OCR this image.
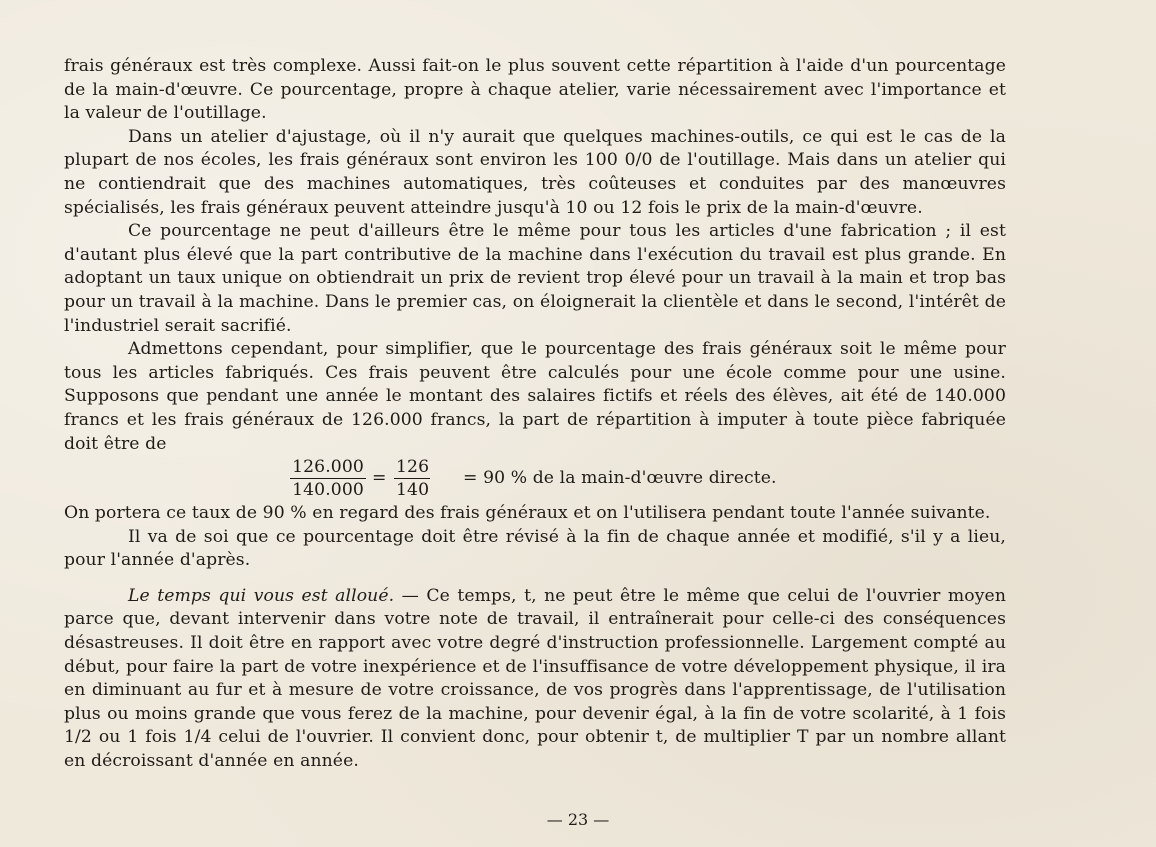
frais généraux est très complexe. Aussi fait-on le plus souvent cette répartition à l'aide d'un pourcentage de la main-d'œuvre. Ce pourcentage, propre à chaque atelier, varie nécessairement avec l'importance et la valeur de l'outillage.

Dans un atelier d'ajustage, où il n'y aurait que quelques machines-outils, ce qui est le cas de la plupart de nos écoles, les frais généraux sont environ les 100 0/0 de l'outillage. Mais dans un atelier qui ne contiendrait que des machines automatiques, très coûteuses et conduites par des manœuvres spécialisés, les frais généraux peuvent atteindre jusqu'à 10 ou 12 fois le prix de la main-d'œuvre.

Ce pourcentage ne peut d'ailleurs être le même pour tous les articles d'une fabrication ; il est d'autant plus élevé que la part contributive de la machine dans l'exécution du travail est plus grande. En adoptant un taux unique on obtiendrait un prix de revient trop élevé pour un travail à la main et trop bas pour un travail à la machine. Dans le premier cas, on éloignerait la clientèle et dans le second, l'intérêt de l'industriel serait sacrifié.

Admettons cependant, pour simplifier, que le pourcentage des frais généraux soit le même pour tous les articles fabriqués. Ces frais peuvent être calculés pour une école comme pour une usine. Supposons que pendant une année le montant des salaires fictifs et réels des élèves, ait été de 140.000 francs et les frais généraux de 126.000 francs, la part de répartition à imputer à toute pièce fabriquée doit être de

126.000
140.000
=
126
140
= 90 % de la main-d'œuvre directe.

On portera ce taux de 90 % en regard des frais généraux et on l'utilisera pendant toute l'année suivante.

Il va de soi que ce pourcentage doit être révisé à la fin de chaque année et modifié, s'il y a lieu, pour l'année d'après.

Le temps qui vous est alloué. — Ce temps, t, ne peut être le même que celui de l'ouvrier moyen parce que, devant intervenir dans votre note de travail, il entraînerait pour celle-ci des conséquences désastreuses. Il doit être en rapport avec votre degré d'instruction professionnelle. Largement compté au début, pour faire la part de votre inexpérience et de l'insuffisance de votre développement physique, il ira en diminuant au fur et à mesure de votre croissance, de vos progrès dans l'apprentissage, de l'utilisation plus ou moins grande que vous ferez de la machine, pour devenir égal, à la fin de votre scolarité, à 1 fois 1/2 ou 1 fois 1/4 celui de l'ouvrier. Il convient donc, pour obtenir t, de multiplier T par un nombre allant en décroissant d'année en année.

— 23 —
